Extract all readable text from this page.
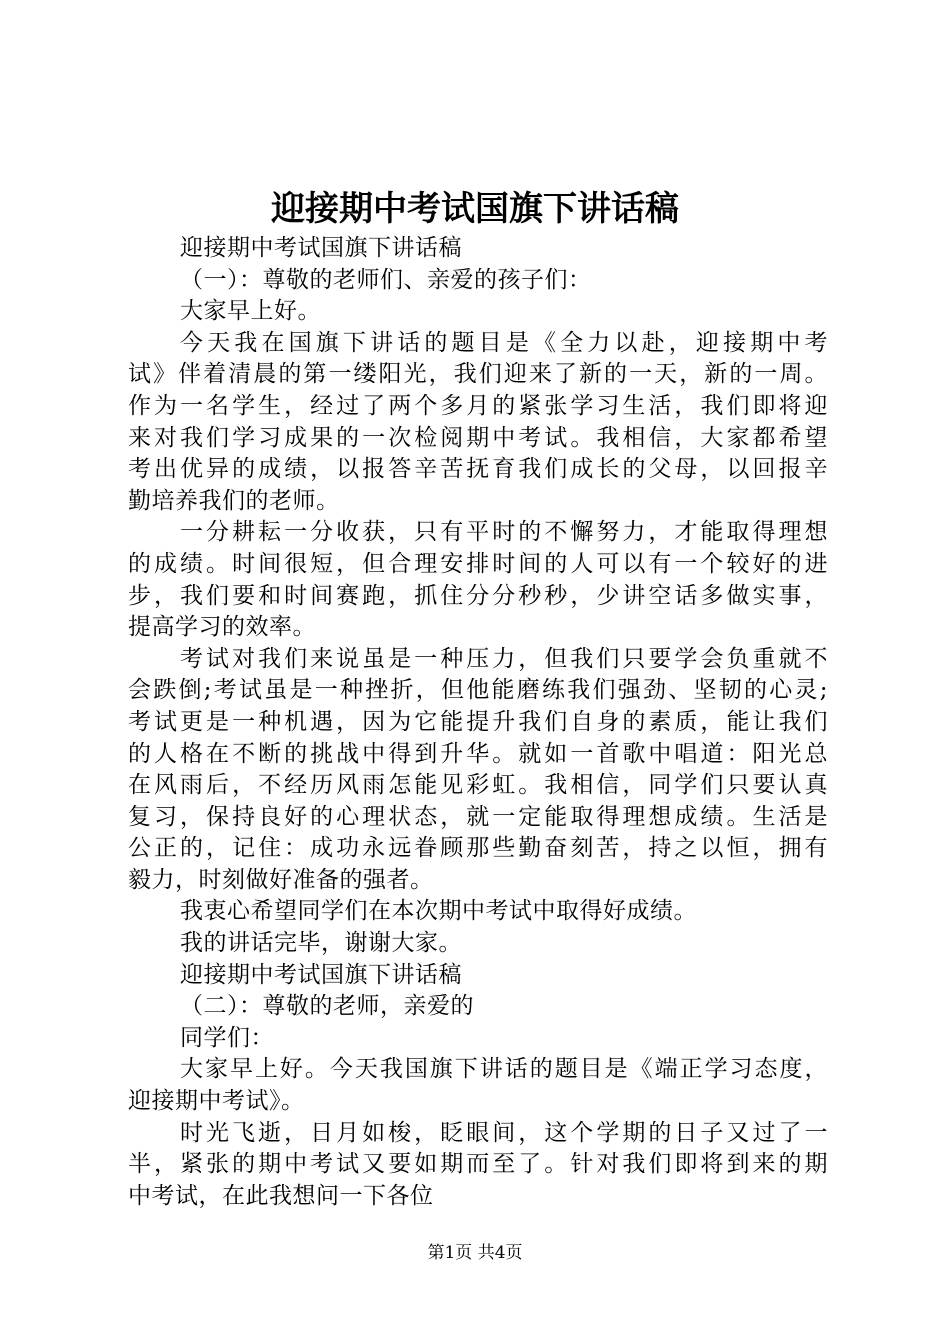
迎接期中考试国旗下讲话稿
迎接期中考试国旗下讲话稿
（一）：尊敬的老师们、亲爱的孩子们：
大家早上好。
今天我在国旗下讲话的题目是《全力以赴，迎接期中考
试》伴着清晨的第一缕阳光，我们迎来了新的一天，新的一周。
作为一名学生，经过了两个多月的紧张学习生活，我们即将迎
来对我们学习成果的一次检阅期中考试。我相信，大家都希望
考出优异的成绩，以报答辛苦抚育我们成长的父母，以回报辛
勤培养我们的老师。
一分耕耘一分收获，只有平时的不懈努力，才能取得理想
的成绩。时间很短，但合理安排时间的人可以有一个较好的进
步，我们要和时间赛跑，抓住分分秒秒，少讲空话多做实事，
提高学习的效率。
考试对我们来说虽是一种压力，但我们只要学会负重就不
会跌倒;考试虽是一种挫折，但他能磨练我们强劲、坚韧的心灵;
考试更是一种机遇，因为它能提升我们自身的素质，能让我们
的人格在不断的挑战中得到升华。就如一首歌中唱道：阳光总
在风雨后，不经历风雨怎能见彩虹。我相信，同学们只要认真
复习，保持良好的心理状态，就一定能取得理想成绩。生活是
公正的，记住：成功永远眷顾那些勤奋刻苦，持之以恒，拥有
毅力，时刻做好准备的强者。
我衷心希望同学们在本次期中考试中取得好成绩。
我的讲话完毕，谢谢大家。
迎接期中考试国旗下讲话稿
（二）：尊敬的老师，亲爱的
同学们：
大家早上好。今天我国旗下讲话的题目是《端正学习态度，
迎接期中考试》。
时光飞逝，日月如梭，眨眼间，这个学期的日子又过了一
半，紧张的期中考试又要如期而至了。针对我们即将到来的期
中考试，在此我想问一下各位
第1页 共4页
